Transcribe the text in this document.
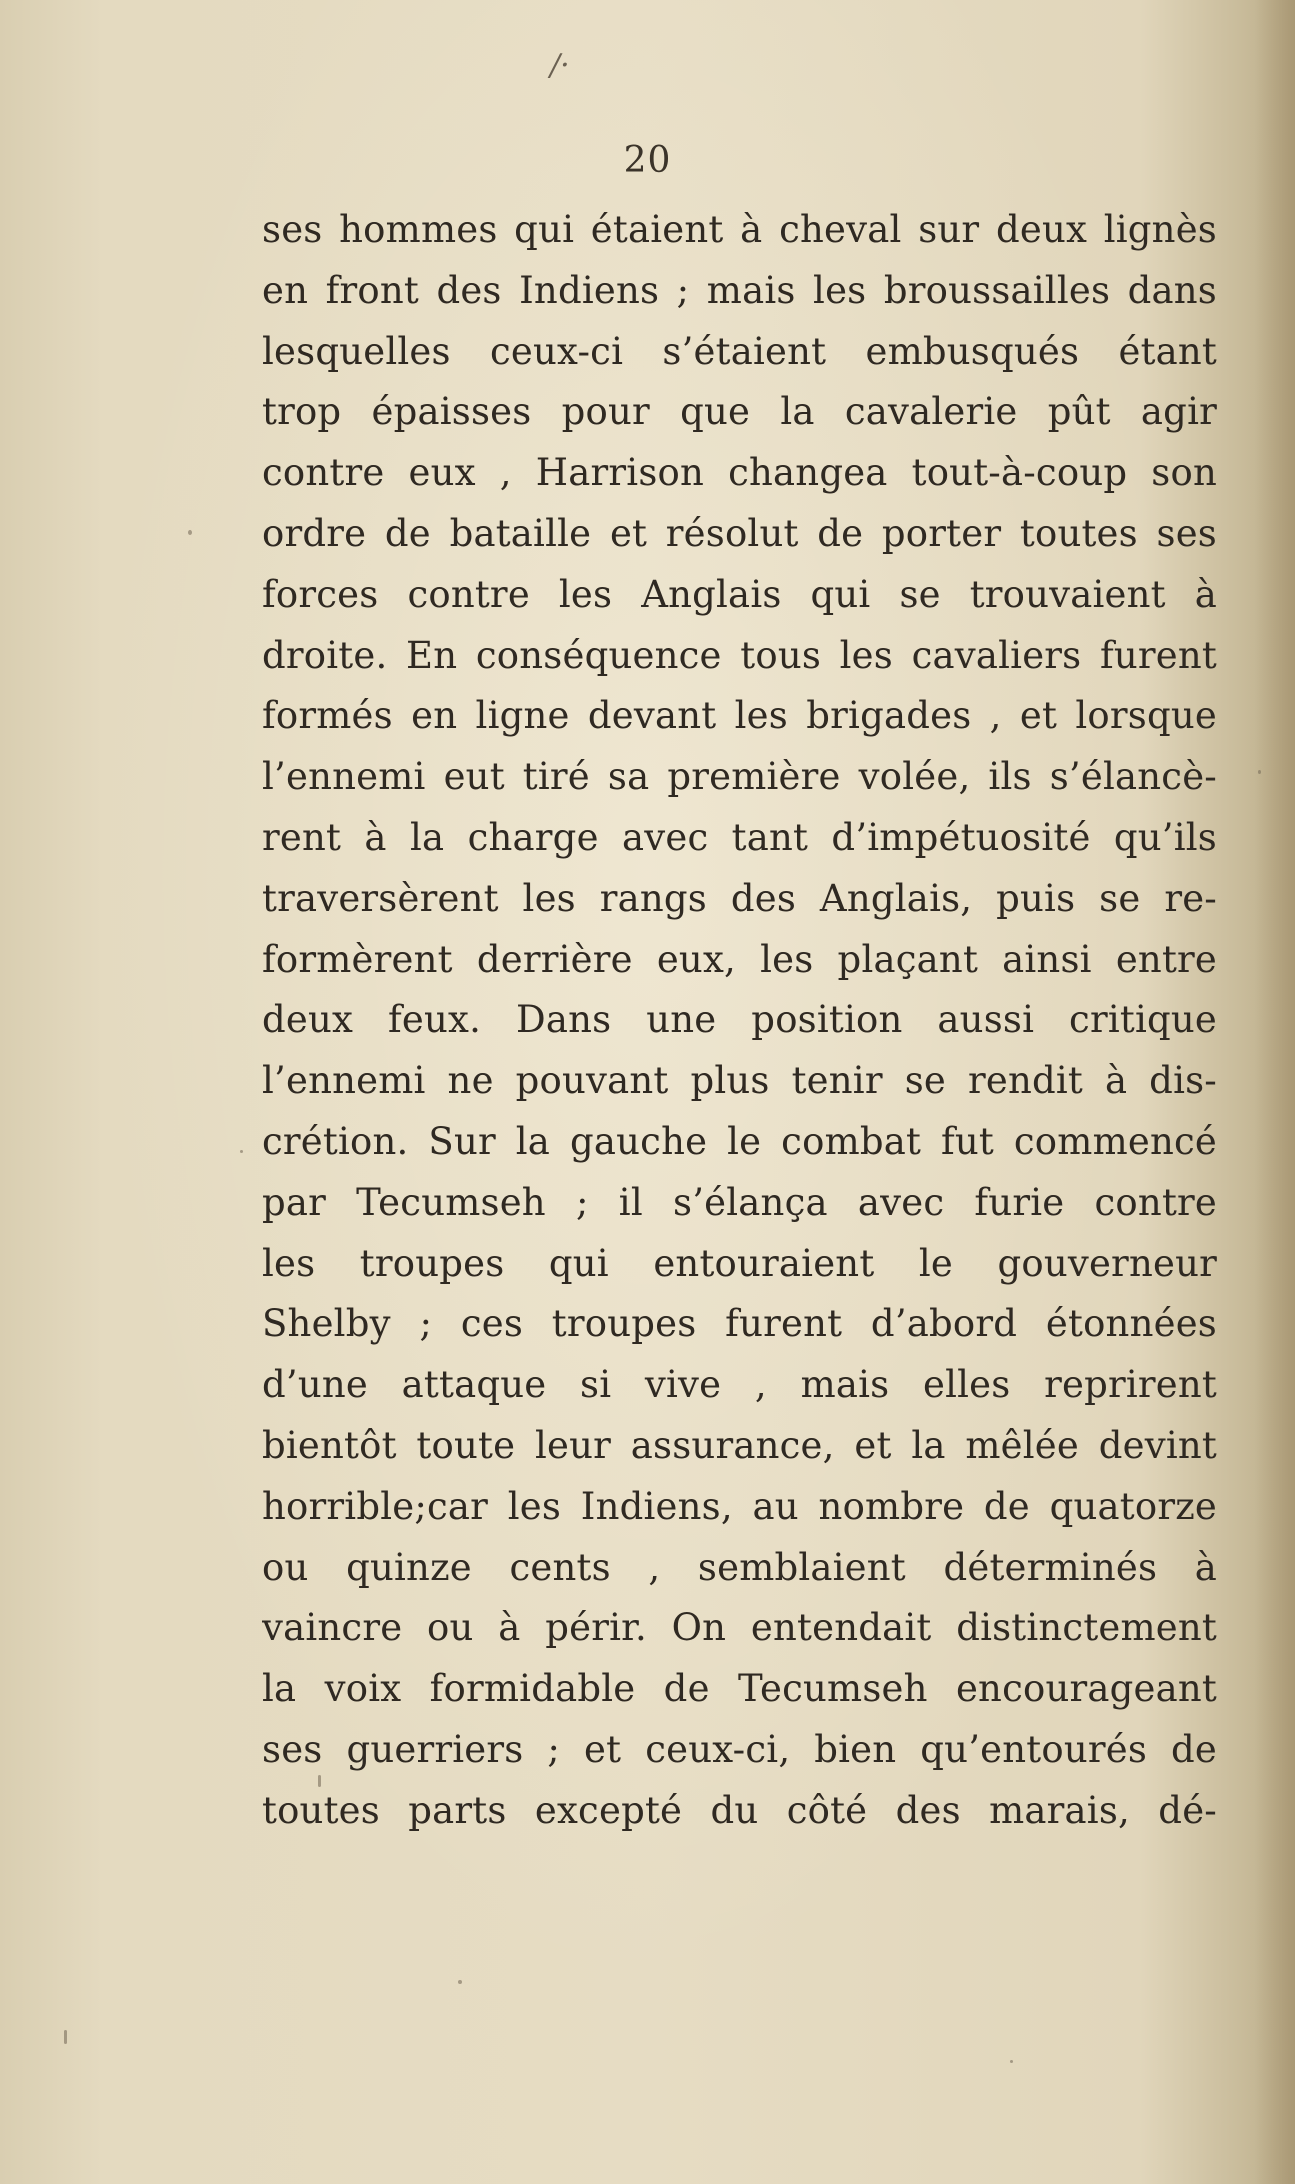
/·
20
ses hommes qui étaient à cheval sur deux lignès
en front des Indiens ; mais les broussailles dans
lesquelles ceux-ci s’étaient embusqués étant
trop épaisses pour que la cavalerie pût agir
contre eux , Harrison changea tout-à-coup son
ordre de bataille et résolut de porter toutes ses
forces contre les Anglais qui se trouvaient à
droite. En conséquence tous les cavaliers furent
formés en ligne devant les brigades , et lorsque
l’ennemi eut tiré sa première volée, ils s’élancè-
rent à la charge avec tant d’impétuosité qu’ils
traversèrent les rangs des Anglais, puis se re-
formèrent derrière eux, les plaçant ainsi entre
deux feux. Dans une position aussi critique
l’ennemi ne pouvant plus tenir se rendit à dis-
crétion. Sur la gauche le combat fut commencé
par Tecumseh ; il s’élança avec furie contre
les troupes qui entouraient le gouverneur
Shelby ; ces troupes furent d’abord étonnées
d’une attaque si vive , mais elles reprirent
bientôt toute leur assurance, et la mêlée devint
horrible;car les Indiens, au nombre de quatorze
ou quinze cents , semblaient déterminés à
vaincre ou à périr. On entendait distinctement
la voix formidable de Tecumseh encourageant
ses guerriers ; et ceux-ci, bien qu’entourés de
toutes parts excepté du côté des marais, dé-
